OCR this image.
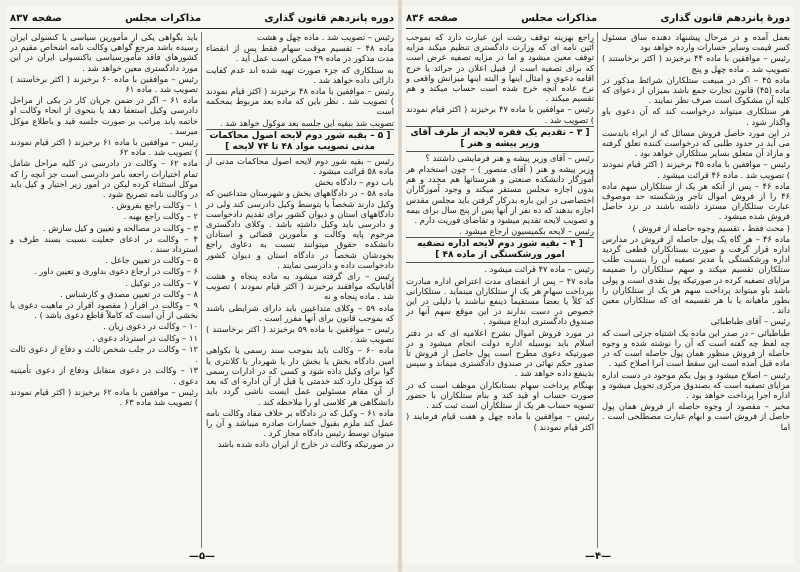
دوره پانزدهم قانون گذاری
مذاکرات مجلس
صفحه ۸۳۷

رئیس – تصویب شد . ماده چهل و هشت

ماده ۴۸ – تقسیم موقت سهام فقط پس از انقضاء مدت مذکور در ماده ۲۹ ممکن است عمل آید .

به ستلکاری که جزء صورت تهیه شده اند عدم کفایت دارائی داده خواهد شد .

رئیس – موافقین با ماده ۴۸ برخیزند ( اکثر قیام نمودند ) تصویب شد . نظر باین که ماده بعد مربوط بمحکمه است

تصویب شد ببقیه این جلسه بعد موکول خواهد شد .

[ ۵ – بقیه شور دوم لایحه اصول محاکمات مدنی تصویب مواد ۴۸ تا ۷۴ لایحه ]

رئیس – بقیه شور دوم لایحه اصول محاکمات مدنی از ماده ۵۸ قرائت میشود .

باب دوم – دادگاه بخش

ماده ۵۸ – در دادگاههای بخش و شهرستان متداعیین که وکیل دارند شخصاً یا بتوسط وکیل دادرسی کند ولی در دادگاههای استان و دیوان کشور برای تقدیم دادخواست و دادرسی باید وکیل داشته باشد . وکلای دادگستری مرحوم پایه وکالت و مأمورین قضائی و استادان دانشکده حقوق میتوانند نسبت به دعاوی راجع بخودشان شخصاً در دادگاه استان و دیوان کشور دادخواست داده و دادرسی نمایند .

رئیس – رای گرفته میشود به ماده پنجاه و هشت آقایانیکه موافقند برخیزند ( اکثر قیام نمودند ) تصویب شد . ماده پنجاه و نه

ماده ۵۹ – وکلای متداعیین باید دارای شرایطی باشند که بموجب قانون برای آنها مقرر است .

رئیس – موافقین با ماده ۵۹ برخیزند ( اکثر برخاستند ) تصویب شد .

ماده ۶۰ – وکالت باید بموجب سند رسمی یا بکواهی امین دادگاه بخش یا بخش دار یا شهردار یا کلانتری یا گوا برای وکیل داده شود و کسی که در ادارات رسمی که موکل دارد کند خدمتی یا قبل از آن اداره ای که بعد از آن مقام مسئولین عمل ایست ناشی گردد باید دانشگاهی هر کلاسی او را ملاحظه کند .

ماده ۶۱ – وکیل که در دادگاه بر خلاف مفاد وکالت نامه عمل کند ملزم بقبول خسارات صادره میباشد و آن را میتوان توسط رئیس دادگاه مجاز کرد .

در صورتیکه وکالت در خارج از ایران داده شده باشد

باید بگواهی یکی از مأمورین سیاسی یا کنسولی ایران رسیده باشد مرجع گواهی وکالت نامه اشخاص مقیم در کشورهای فاقد مأمورسیاسی یاکنسولی ایران در این مورد دادگستری معین خواهد شد .

رئیس – موافقین با ماده ۶۰ برخیزند ( اکثر برخاستند ) تصویب شد . ماده ۶۱

ماده ۶۱ – اگر در ضمن جریان کار در یکی از مراحل دادرسی وکیل استعفا دهد یا بنحوی از انحاء وکالت او خاتمه یابد مراتب بر صورت جلسه قید و باطلاع موکل میرسد .

رئیس – موافقین با ماده ۶۱ برخیزند ( اکثر قیام نمودند ) تصویب شد . ماده ۶۲

ماده ۶۲ – وکالت در دادرسی در کلیه مراحل شامل تمام اختیارات راجعه بامر دادرسی است جز آنچه را که موکل استثناء کرده لیکن در امور زیر اختیار و کیل باید در وکالت نامه تصریح شود .

۱ – وکالت راجع بفروش .

۲ – وکالت راجع بهبه .

۳ – وکالت در مصالحه و تعیین و کیل سازش .

۴ – وکالت در ادعای جعلیت نسبت بسند طرف و استرداد سند .

۵ – وکالت در تعیین جاعل .

۶ – وکالت در ارجاع دعوی بداوری و تعیین داور .

۷ – وکالت در توکیل .

۸ – وکالت در تعیین مصدق و کارشناس .

۹ – وکالت در اقرار ( مقصود اقرار در ماهیت دعوی یا بخشی از آن است که کاملاً قاطع دعوی باشد ) .

۱۰ – وکالت در دعوی زیان .

۱۱ – وکالت در استرداد دعوی .

۱۲ – وکالت در جلب شخص ثالث و دفاع از دعوی ثالث .

۱۳ – وکالت در دعوی متقابل ودفاع از دعوی تأمینیه دعوی .

رئیس – موافقین با ماده ۶۲ برخیزند ( اکثر قیام نمودند ) تصویب شد ماده ۶۳ .

—۵—
دورۀ پانزدهم قانون گذاری
مذاکرات مجلس
صفحه ۸۳۶

بعمل آمده و در مرحال پیشنهاد دهنده ساق مسئول کسر قیمت وسایر خسارات وارده خواهد بود

رئیس – موافقین با ماده ۴۴ برخیزند ( اکثر برخاستند ) تصویب شد . ماده چهل و پنج

ماده ۴۵ – اگر در مبیعت ستلکاران شرائط مذکور در ماده (۴۵) قانون تجارت جمع باشد بمیزان از دعوای که کلیه آن مشکوک است صرف نظر نمایند .

هر ستلکاری میتواند درخواست کند که آن دعوی باو واگذار شود .

در این مورد حاصل فروش مسائل که از ابراء بابدست می آید در حدود طلبی که درخواست کننده تعلق گرفته و مازاد آن متعلق بسایر ستلکاران خواهد بود .

رئیس – موافقین با ماده ۴۵ برخیزند ( اکثر قیام نمودند ) تصویب شد . ماده ۴۶ قرائت میشود .

ماده ۴۶ – پس از آنکه هر یک از ستلکاران سهم ماده ۴۶ را از فروش اموال تاجر ورشکسته حد موصوف عبارت ستلکاران مسترد داشته باشند در نزد حاصل فروش شده میشود .

( محث فقط ، تقسیم وجوه حاصله از فروش )

ماده ۴۶ – هر گاه یک پول حاصله از فروش در مدارس اداره قرار گرفت و صورت بستانکاران قطعی گردید اداره ورشکستگی یا مدیر تصفیه آن را بنسبت طلب ستلکاران تقسیم میکند و سهم ستلکاران را ضمیمه مزایای تصفیه کرده در صورتیکه پول نقدی است و پولی باشد باو میتواند پرداخت سهم هر یک از ستلکاران را بطور ماهیانه یا با هر تقسیمه ای که ستلکاران معین داند .

رئیس – آقای طباطبائی

طباطبائی – در صدر این ماده یک اشتباه جزئی است که چه لفظ چه گفته است که آن را نوشته شده و وجوه حاصله از فروش منظور همان پول حاصله است که در ماده قبل آمده است این سقط است آنرا اصلاح کنید .

رئیس – اصلاح میشود و پول یکم موجود در دست اداره مزایای تصفیه است که بصندوق مرکزی تحویل میشود و اداره اجرا پرداخت خواهد بود .

مخبر – مقصود از وجوه حاصله از فروش همان پول حاصل از فروش است و ابهام عبارت مصطلحی است . اما

راجع بهزینه توقف رشت این عبارت دارد که بموجب آئین نامه ای که وزارت دادگستری تنظیم میکند مزایه توقف معین میشود و اما در مزایه تصفیه عرض است که برای تصفیه است از قبیل اعلان در جرائد یا خرج اقامه دعوی و امثال اینها و البته اینها میزانش واقعی و نرخ عاده آنچه خرج شده است حساب میکند و هم تقسیم میکند .

رئیس – موافقین با ماده ۴۷ برخیزند ( اکثر قیام نمودند ) تصویب شد .

[ ۳ – تقدیم یک فقره لایحه از طرف آقای وزیر پیشه و هنر ]

رئیس – آقای وزیر پیشه و هنر فرمایشی داشتند ؟

وزیر پیشه و هنر ( آقای منصور ) – چون استخدام هر آموزگار دانشکده صنعتی و هنرستانها هم مجدد و هم بدون اجازه مجلس مستقر میکند و وجود آموزگاران اختصاصی در این باره بدرکار گرفتن باید مجلس مقدس اجازه بدهند که ده نفر از آنها پس از پنج سال برای بیمه و تصویب لایحه تقدیم میشود و تقاضای فوریت دارم .

رئیس – لایحه بکمیسیون ارجاع میشود .

[ ۴ – بقیه شور دوم لایحه اداره تصفیه امور ورشکستگی از ماده ۴۸ ]

رئیس – ماده ۴۷ قرائت میشود .

ماده ۴۷ – پس از انقضای مدت اعتراض اداره مبادرت بپرداخت سهام هر یک از ستلکاران مینماید . ستلکارانی که کلاً یا بعضاً مستقیماً ذینفع نباشند یا دلیلی در این خصوص در دست ندارند در این موقع سهم آنها در صندوق دادگستری ایداع میشود .

در مورد فروش اموال بشرح اعلامیه ای که در دفتر اسلام باید بوسیله اداره دولت انجام میشود و در صورتیکه دعوی مطرح است پول حاصل از فروش تا صدور حکم نهائی در صندوق دادگستری میماند و سپس بذینفع داده خواهد شد .

بهنگام پرداخت سهام بستانکاران موظف است که در صورت حساب او قید کند و بنام ستلکاران با حضور تسویه حساب هر یک از ستلکاران است ثبت کند .

رئیس – موافقین با ماده چهل و هفت قیام فرمایند ( اکثر قیام نمودند )

—۴—
